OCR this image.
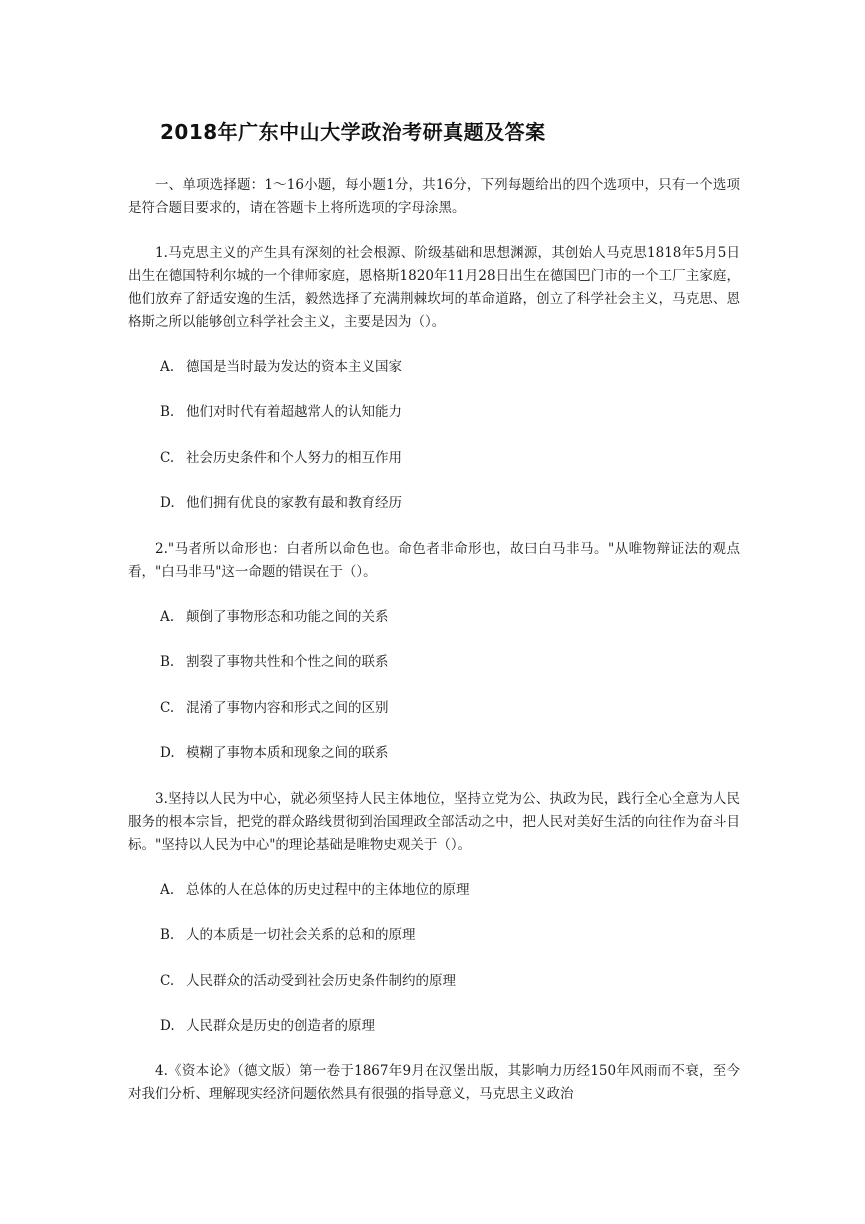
2018年广东中山大学政治考研真题及答案
一、单项选择题：1～16小题，每小题1分，共16分，下列每题给出的四个选项中，只有一个选项是符合题目要求的，请在答题卡上将所选项的字母涂黑。
1.马克思主义的产生具有深刻的社会根源、阶级基础和思想渊源，其创始人马克思1818年5月5日出生在德国特利尔城的一个律师家庭，恩格斯1820年11月28日出生在德国巴门市的一个工厂主家庭，他们放弃了舒适安逸的生活，毅然选择了充满荆棘坎坷的革命道路，创立了科学社会主义，马克思、恩格斯之所以能够创立科学社会主义，主要是因为（）。
A. 德国是当时最为发达的资本主义国家
B. 他们对时代有着超越常人的认知能力
C. 社会历史条件和个人努力的相互作用
D. 他们拥有优良的家教有最和教育经历
2."马者所以命形也：白者所以命色也。命色者非命形也，故曰白马非马。"从唯物辩证法的观点看，"白马非马"这一命题的错误在于（）。
A. 颠倒了事物形态和功能之间的关系
B. 割裂了事物共性和个性之间的联系
C. 混淆了事物内容和形式之间的区别
D. 模糊了事物本质和现象之间的联系
3.坚持以人民为中心，就必须坚持人民主体地位，坚持立党为公、执政为民，践行全心全意为人民服务的根本宗旨，把党的群众路线贯彻到治国理政全部活动之中，把人民对美好生活的向往作为奋斗目标。"坚持以人民为中心"的理论基础是唯物史观关于（）。
A. 总体的人在总体的历史过程中的主体地位的原理
B. 人的本质是一切社会关系的总和的原理
C. 人民群众的活动受到社会历史条件制约的原理
D. 人民群众是历史的创造者的原理
4.《资本论》（德文版）第一卷于1867年9月在汉堡出版，其影响力历经150年风雨而不衰，至今对我们分析、理解现实经济问题依然具有很强的指导意义，马克思主义政治
